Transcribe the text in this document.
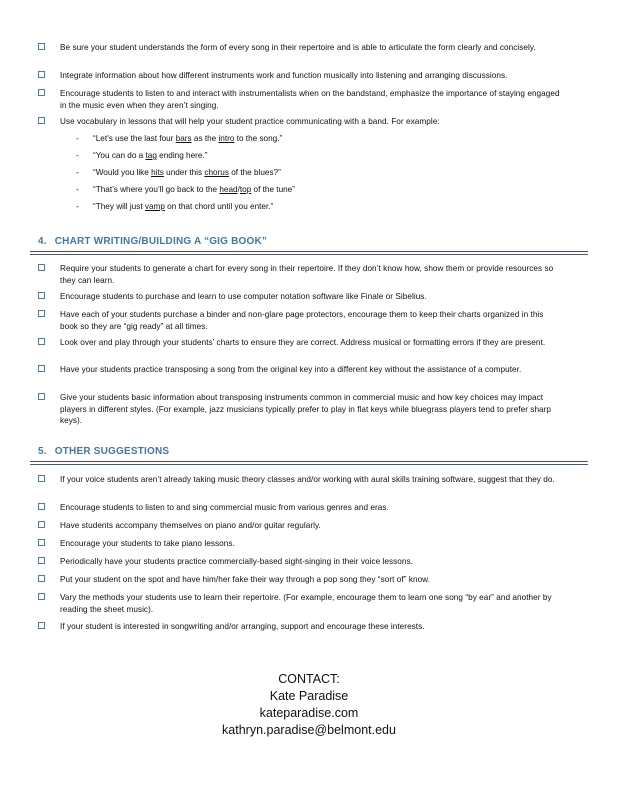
Be sure your student understands the form of every song in their repertoire and is able to articulate the form clearly and concisely.
Integrate information about how different instruments work and function musically into listening and arranging discussions.
Encourage students to listen to and interact with instrumentalists when on the bandstand, emphasize the importance of staying engaged in the music even when they aren’t singing.
Use vocabulary in lessons that will help your student practice communicating with a band. For example:
- “Let’s use the last four bars as the intro to the song.”
- “You can do a tag ending here.”
- “Would you like hits under this chorus of the blues?”
- “That’s where you’ll go back to the head/top of the tune”
- “They will just vamp on that chord until you enter.”
4. CHART WRITING/BUILDING A “GIG BOOK”
Require your students to generate a chart for every song in their repertoire. If they don’t know how, show them or provide resources so they can learn.
Encourage students to purchase and learn to use computer notation software like Finale or Sibelius.
Have each of your students purchase a binder and non-glare page protectors, encourage them to keep their charts organized in this book so they are “gig ready” at all times.
Look over and play through your students’ charts to ensure they are correct. Address musical or formatting errors if they are present.
Have your students practice transposing a song from the original key into a different key without the assistance of a computer.
Give your students basic information about transposing instruments common in commercial music and how key choices may impact players in different styles. (For example, jazz musicians typically prefer to play in flat keys while bluegrass players tend to prefer sharp keys).
5. OTHER SUGGESTIONS
If your voice students aren’t already taking music theory classes and/or working with aural skills training software, suggest that they do.
Encourage students to listen to and sing commercial music from various genres and eras.
Have students accompany themselves on piano and/or guitar regularly.
Encourage your students to take piano lessons.
Periodically have your students practice commercially-based sight-singing in their voice lessons.
Put your student on the spot and have him/her fake their way through a pop song they “sort of” know.
Vary the methods your students use to learn their repertoire. (For example, encourage them to learn one song “by ear” and another by reading the sheet music).
If your student is interested in songwriting and/or arranging, support and encourage these interests.
CONTACT:
Kate Paradise
kateparadise.com
kathryn.paradise@belmont.edu
